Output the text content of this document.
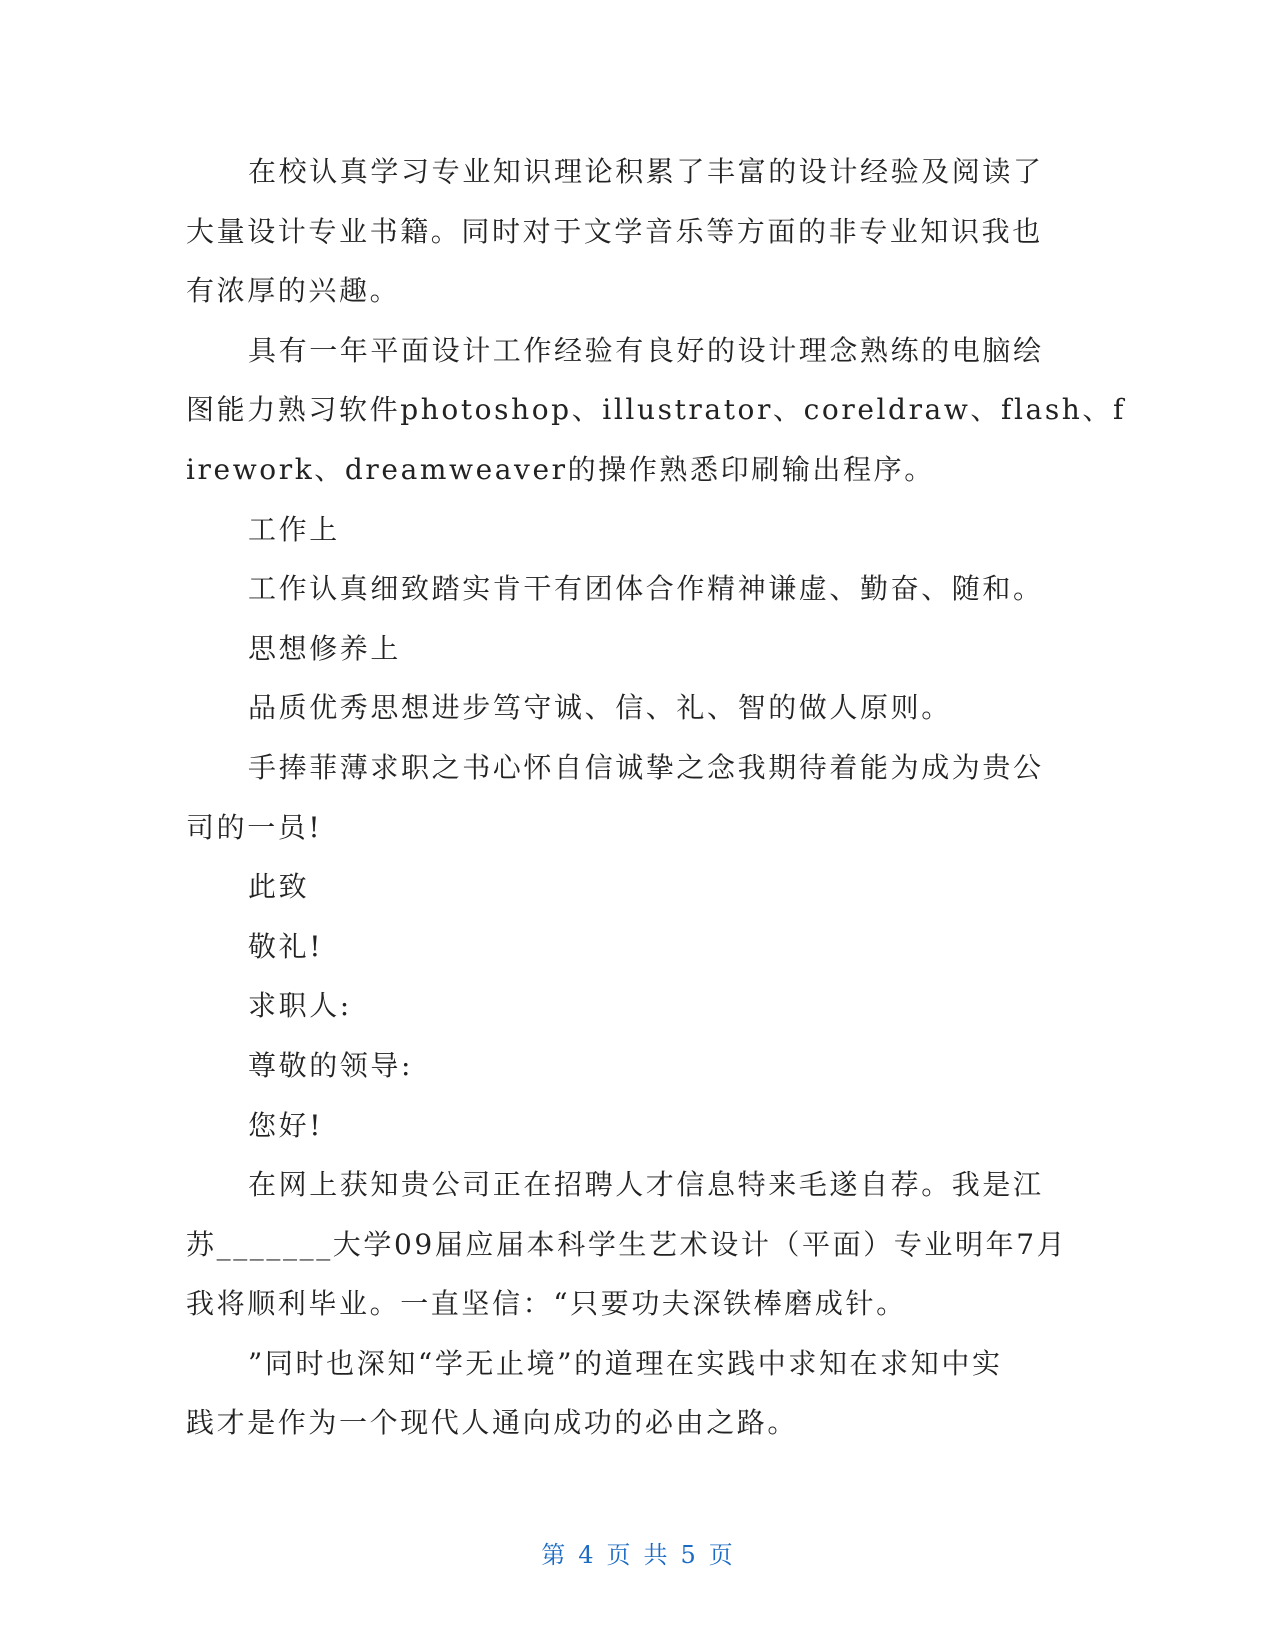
在校认真学习专业知识理论积累了丰富的设计经验及阅读了
大量设计专业书籍。同时对于文学音乐等方面的非专业知识我也
有浓厚的兴趣。
具有一年平面设计工作经验有良好的设计理念熟练的电脑绘
图能力熟习软件photoshop、illustrator、coreldraw、flash、f
irework、dreamweaver的操作熟悉印刷输出程序。
工作上
工作认真细致踏实肯干有团体合作精神谦虚、勤奋、随和。
思想修养上
品质优秀思想进步笃守诚、信、礼、智的做人原则。
手捧菲薄求职之书心怀自信诚挚之念我期待着能为成为贵公
司的一员!
此致
敬礼!
求职人:
尊敬的领导:
您好!
在网上获知贵公司正在招聘人才信息特来毛遂自荐。我是江
苏_______大学09届应届本科学生艺术设计（平面）专业明年7月
我将顺利毕业。一直坚信：“只要功夫深铁棒磨成针。
”同时也深知“学无止境”的道理在实践中求知在求知中实
践才是作为一个现代人通向成功的必由之路。
第 4 页 共 5 页
